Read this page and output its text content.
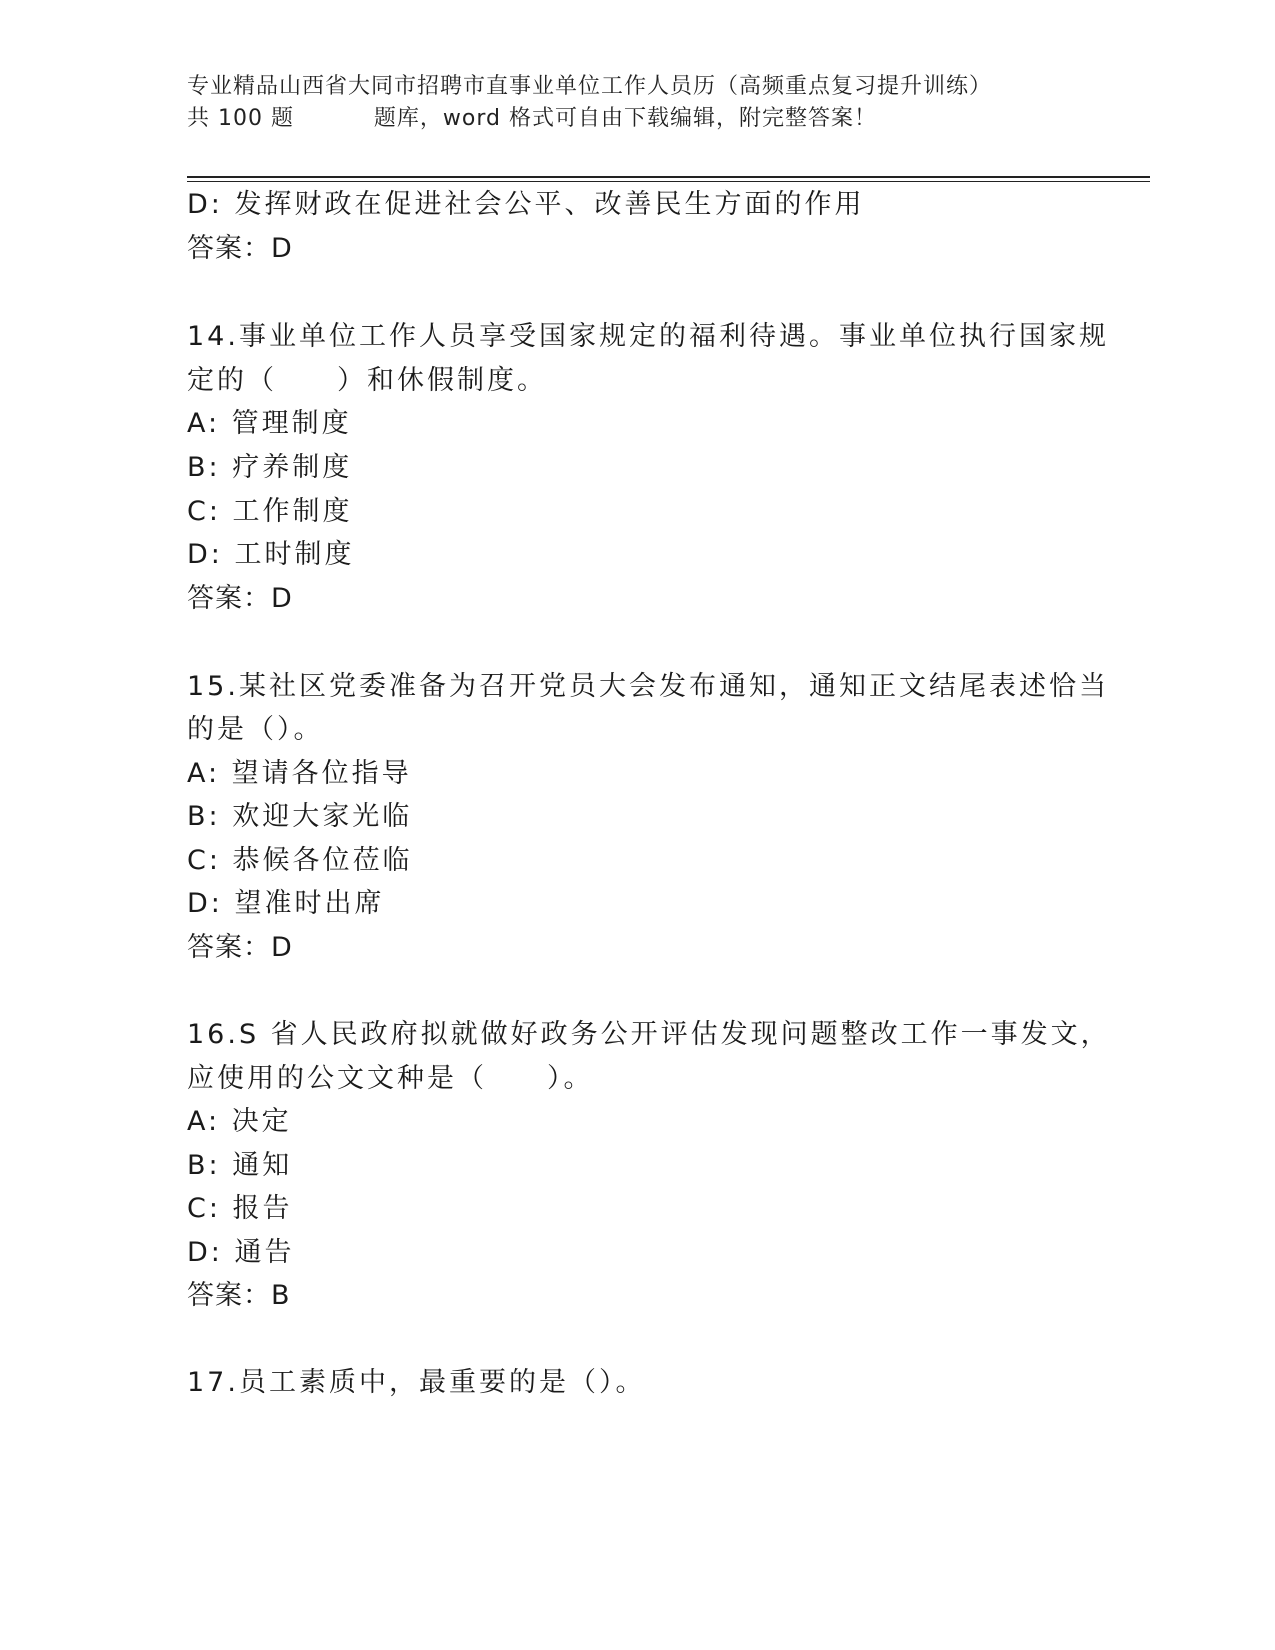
专业精品山西省大同市招聘市直事业单位工作人员历（高频重点复习提升训练）
共 100 题          题库，word 格式可自由下载编辑，附完整答案！
D: 发挥财政在促进社会公平、改善民生方面的作用
答案：D
14.事业单位工作人员享受国家规定的福利待遇。事业单位执行国家规
定的（　　）和休假制度。
A: 管理制度
B: 疗养制度
C: 工作制度
D: 工时制度
答案：D
15.某社区党委准备为召开党员大会发布通知，通知正文结尾表述恰当
的是（）。
A: 望请各位指导
B: 欢迎大家光临
C: 恭候各位莅临
D: 望准时出席
答案：D
16.S 省人民政府拟就做好政务公开评估发现问题整改工作一事发文，
应使用的公文文种是（　　）。
A: 决定
B: 通知
C: 报告
D: 通告
答案：B
17.员工素质中，最重要的是（）。
